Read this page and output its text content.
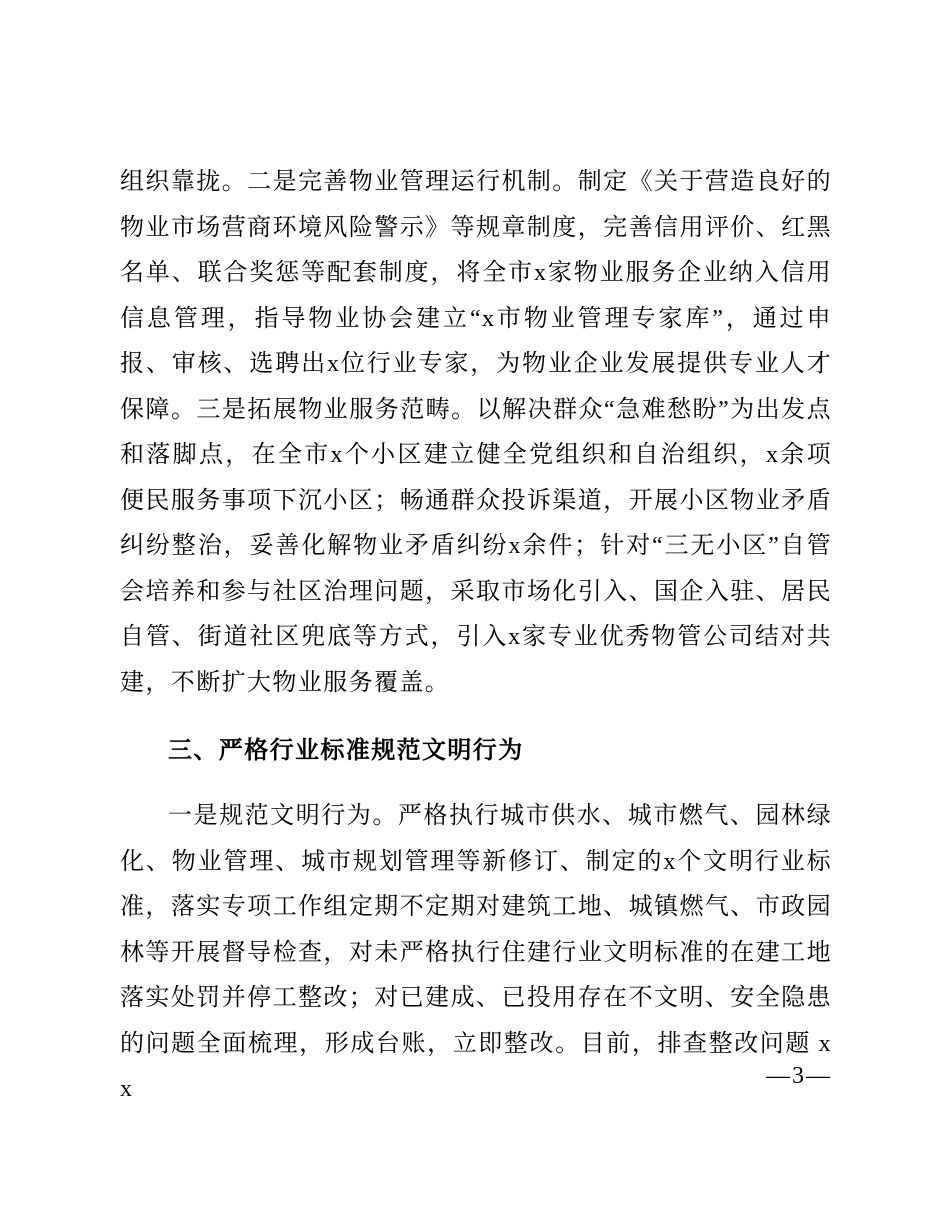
组织靠拢。二是完善物业管理运行机制。制定《关于营造良好的物业市场营商环境风险警示》等规章制度，完善信用评价、红黑名单、联合奖惩等配套制度，将全市x家物业服务企业纳入信用信息管理，指导物业协会建立“x市物业管理专家库”，通过申报、审核、选聘出x位行业专家，为物业企业发展提供专业人才保障。三是拓展物业服务范畴。以解决群众“急难愁盼”为出发点和落脚点，在全市x个小区建立健全党组织和自治组织，x余项便民服务事项下沉小区；畅通群众投诉渠道，开展小区物业矛盾纠纷整治，妥善化解物业矛盾纠纷x余件；针对“三无小区”自管会培养和参与社区治理问题，采取市场化引入、国企入驻、居民自管、街道社区兜底等方式，引入x家专业优秀物管公司结对共建，不断扩大物业服务覆盖。

三、严格行业标准规范文明行为

一是规范文明行为。严格执行城市供水、城市燃气、园林绿化、物业管理、城市规划管理等新修订、制定的x个文明行业标准，落实专项工作组定期不定期对建筑工地、城镇燃气、市政园林等开展督导检查，对未严格执行住建行业文明标准的在建工地落实处罚并停工整改；对已建成、已投用存在不文明、安全隐患的问题全面梳理，形成台账，立即整改。目前，排查整改问题 xx	—3—
